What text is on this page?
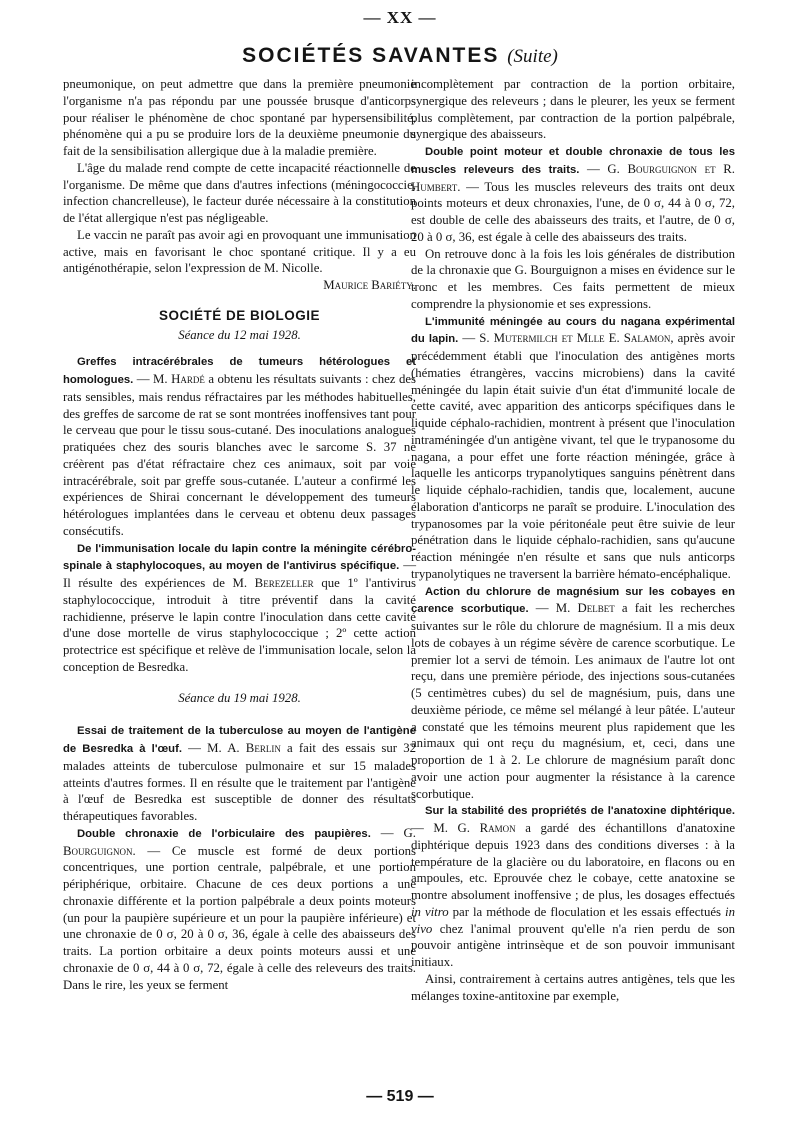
— XX —
SOCIÉTÉS SAVANTES (Suite)

pneumonique, on peut admettre que dans la première pneumonie l'organisme n'a pas répondu par une poussée brusque d'anticorps pour réaliser le phénomène de choc spontané par hypersensibilité, phénomène qui a pu se produire lors de la deuxième pneumonie du fait de la sensibilisation allergique due à la maladie première.

L'âge du malade rend compte de cette incapacité réactionnelle de l'organisme. De même que dans d'autres infections (méningococcie, infection chancrelleuse), le facteur durée nécessaire à la constitution de l'état allergique n'est pas négligeable.

Le vaccin ne paraît pas avoir agi en provoquant une immunisation active, mais en favorisant le choc spontané critique. Il y a eu antigénothérapie, selon l'expression de M. Nicolle.

Maurice Bariéty.

SOCIÉTÉ DE BIOLOGIE
Séance du 12 mai 1928.

Greffes intracérébrales de tumeurs hétérologues et homologues. — M. Hardé a obtenu les résultats suivants : chez des rats sensibles, mais rendus réfractaires par les méthodes habituelles, des greffes de sarcome de rat se sont montrées inoffensives tant pour le cerveau que pour le tissu sous-cutané. Des inoculations analogues pratiquées chez des souris blanches avec le sarcome S. 37 ne créèrent pas d'état réfractaire chez ces animaux, soit par voie intracérébrale, soit par greffe sous-cutanée. L'auteur a confirmé les expériences de Shirai concernant le développement des tumeurs hétérologues implantées dans le cerveau et obtenu deux passages consécutifs.

De l'immunisation locale du lapin contre la méningite cérébro-spinale à staphylocoques, au moyen de l'antivirus spécifique. — Il résulte des expériences de M. Berezeller que 1º l'antivirus staphylococcique, introduit à titre préventif dans la cavité rachidienne, préserve le lapin contre l'inoculation dans cette cavité d'une dose mortelle de virus staphylococcique ; 2º cette action protectrice est spécifique et relève de l'immunisation locale, selon la conception de Besredka.

Séance du 19 mai 1928.

Essai de traitement de la tuberculose au moyen de l'antigène de Besredka à l'œuf. — M. A. Berlin a fait des essais sur 32 malades atteints de tuberculose pulmonaire et sur 15 malades atteints d'autres formes. Il en résulte que le traitement par l'antigène à l'œuf de Besredka est susceptible de donner des résultats thérapeutiques favorables.

Double chronaxie de l'orbiculaire des paupières. — G. Bourguignon. — Ce muscle est formé de deux portions concentriques, une portion centrale, palpébrale, et une portion périphérique, orbitaire. Chacune de ces deux portions a une chronaxie différente et la portion palpébrale a deux points moteurs (un pour la paupière supérieure et un pour la paupière inférieure) et une chronaxie de 0 σ, 20 à 0 σ, 36, égale à celle des abaisseurs des traits. La portion orbitaire a deux points moteurs aussi et une chronaxie de 0 σ, 44 à 0 σ, 72, égale à celle des releveurs des traits. Dans le rire, les yeux se ferment

incomplètement par contraction de la portion orbitaire, synergique des releveurs ; dans le pleurer, les yeux se ferment plus complètement, par contraction de la portion palpébrale, synergique des abaisseurs.

Double point moteur et double chronaxie de tous les muscles releveurs des traits. — G. Bourguignon et R. Humbert. — Tous les muscles releveurs des traits ont deux points moteurs et deux chronaxies, l'une, de 0 σ, 44 à 0 σ, 72, est double de celle des abaisseurs des traits, et l'autre, de 0 σ, 20 à 0 σ, 36, est égale à celle des abaisseurs des traits.

On retrouve donc à la fois les lois générales de distribution de la chronaxie que G. Bourguignon a mises en évidence sur le tronc et les membres. Ces faits permettent de mieux comprendre la physionomie et ses expressions.

L'immunité méningée au cours du nagana expérimental du lapin. — S. Mutermilch et Mlle E. Salamon, après avoir précédemment établi que l'inoculation des antigènes morts (hématies étrangères, vaccins microbiens) dans la cavité méningée du lapin était suivie d'un état d'immunité locale de cette cavité, avec apparition des anticorps spécifiques dans le liquide céphalo-rachidien, montrent à présent que l'inoculation intraméningée d'un antigène vivant, tel que le trypanosome du nagana, a pour effet une forte réaction méningée, grâce à laquelle les anticorps trypanolytiques sanguins pénètrent dans le liquide céphalo-rachidien, tandis que, localement, aucune élaboration d'anticorps ne paraît se produire. L'inoculation des trypanosomes par la voie péritonéale peut être suivie de leur pénétration dans le liquide céphalo-rachidien, sans qu'aucune réaction méningée n'en résulte et sans que nuls anticorps trypanolytiques ne traversent la barrière hémato-encéphalique.

Action du chlorure de magnésium sur les cobayes en carence scorbutique. — M. Delbet a fait les recherches suivantes sur le rôle du chlorure de magnésium. Il a mis deux lots de cobayes à un régime sévère de carence scorbutique. Le premier lot a servi de témoin. Les animaux de l'autre lot ont reçu, dans une première période, des injections sous-cutanées (5 centimètres cubes) du sel de magnésium, puis, dans une deuxième période, ce même sel mélangé à leur pâtée. L'auteur a constaté que les témoins meurent plus rapidement que les animaux qui ont reçu du magnésium, et, ceci, dans une proportion de 1 à 2. Le chlorure de magnésium paraît donc avoir une action pour augmenter la résistance à la carence scorbutique.

Sur la stabilité des propriétés de l'anatoxine diphtérique. — M. G. Ramon a gardé des échantillons d'anatoxine diphtérique depuis 1923 dans des conditions diverses : à la température de la glacière ou du laboratoire, en flacons ou en ampoules, etc. Eprouvée chez le cobaye, cette anatoxine se montre absolument inoffensive ; de plus, les dosages effectués in vitro par la méthode de floculation et les essais effectués in vivo chez l'animal prouvent qu'elle n'a rien perdu de son pouvoir antigène intrinsèque et de son pouvoir immunisant initiaux.

Ainsi, contrairement à certains autres antigènes, tels que les mélanges toxine-antitoxine par exemple,

— 519 —
